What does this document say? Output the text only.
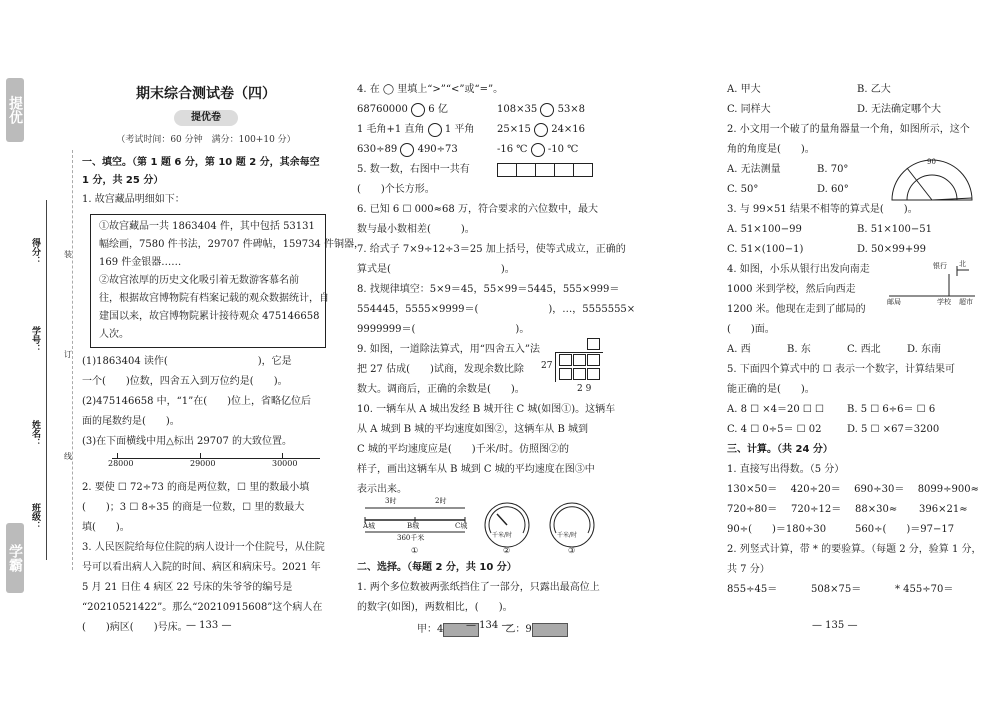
提优
学霸
得分：
学号：
姓名：
班级：
装
订
线
期末综合测试卷（四）
提优卷
（考试时间：60 分钟　满分：100+10 分）
一、填空。（第 1 题 6 分，第 10 题 2 分，其余每空 1 分，共 25 分）
1. 故宫藏品明细如下：
①故宫藏品一共 1863404 件，其中包括 53131
幅绘画，7580 件书法，29707 件碑帖，159734 件铜器，
169 件金银器……
②故宫浓厚的历史文化吸引着无数游客慕名前
往，根据故宫博物院有档案记载的观众数据统计，自
建国以来，故宫博物院累计接待观众 475146658
人次。
(1)1863404 读作(　　　　　　　　　)，它是
一个(　　)位数，四舍五入到万位约是(　　)。
(2)475146658 中，“1”在(　　)位上，省略亿位后
面的尾数约是(　　)。
(3)在下面横线中用△标出 29707 的大致位置。
28000	29000	30000
2. 要使 ☐ 72÷73 的商是两位数，☐ 里的数最小填
(　　)；3 ☐ 8÷35 的商是一位数，☐ 里的数最大
填(　　)。
3. 人民医院给每位住院的病人设计一个住院号，从住院
号可以看出病人入院的时间、病区和病床号。2021 年
5 月 21 日住 4 病区 22 号床的朱爷爷的编号是
“20210521422”。那么“20210915608”这个病人在
(　　)病区(　　)号床。
— 133 —
4. 在 ◯ 里填上“>”“<”或“=”。
68760000 6 亿	108×35 53×8
1 毛角+1 直角 1 平角	25×15 24×16
630÷89 490÷73	-16 ℃ -10 ℃
5. 数一数，右图中一共有
(　　)个长方形。
6. 已知 6 ☐ 000≈68 万，符合要求的六位数中，最大
数与最小数相差(　　　)。
7. 给式子 7×9÷12÷3＝25 加上括号，使等式成立，正确的
算式是(　　　　　　　　　　　)。
8. 找规律填空：5×9＝45，55×99＝5445，555×999＝
554445，5555×9999＝(　　　　　　　)，…，5555555×
9999999＝(　　　　　　　　　　)。
9. 如图，一道除法算式，用“四舍五入”法
把 27 估成(　　)试商，发现余数比除
数大。调商后，正确的余数是(　　)。
27
2 9
10. 一辆车从 A 城出发经 B 城开往 C 城(如图①)。这辆车
从 A 城到 B 城的平均速度如图②，这辆车从 B 城到
C 城的平均速度应是(　　)千米/时。仿照图②的
样子，画出这辆车从 B 城到 C 城的平均速度在图③中
表示出来。
3时	2时
A城	B城	C城
360千米	千米/时	千米/时
①	②	③
二、选择。（每题 2 分，共 10 分）
1. 两个多位数被两张纸挡住了一部分，只露出最高位上
的数字(如图)，两数相比，(　　)。
甲：4	乙：9
— 134 —
A. 甲大	B. 乙大
C. 同样大	D. 无法确定哪个大
2. 小文用一个破了的量角器量一个角，如图所示，这个
角的角度是(　　)。
A. 无法测量	B. 70°
C. 50°	D. 60°
90
3. 与 99×51 结果不相等的算式是(　　)。
A. 51×100−99	B. 51×100−51
C. 51×(100−1)	D. 50×99+99
4. 如图，小乐从银行出发向南走
1000 米到学校，然后向西走
1200 米。他现在走到了邮局的
(　　)面。
银行 北
邮局	学校 超市
A. 西	B. 东	C. 西北	D. 东南
5. 下面四个算式中的 ☐ 表示一个数字，计算结果可
能正确的是(　　)。
A. 8 ☐ ×4＝20 ☐ ☐	B. 5 ☐ 6÷6＝ ☐ 6
C. 4 ☐ 0÷5＝ ☐ 02	D. 5 ☐ ×67＝3200
三、计算。（共 24 分）
1. 直接写出得数。（5 分）
130×50＝	420÷20＝	690÷30＝	8099÷900≈
720÷80＝	720÷12＝	88×30≈	396×21≈
90÷(　　)＝180÷30	560÷(　　)＝97−17
2. 列竖式计算，带 * 的要验算。（每题 2 分，验算 1 分，
共 7 分）
855÷45＝	508×75＝	* 455÷70＝
— 135 —
